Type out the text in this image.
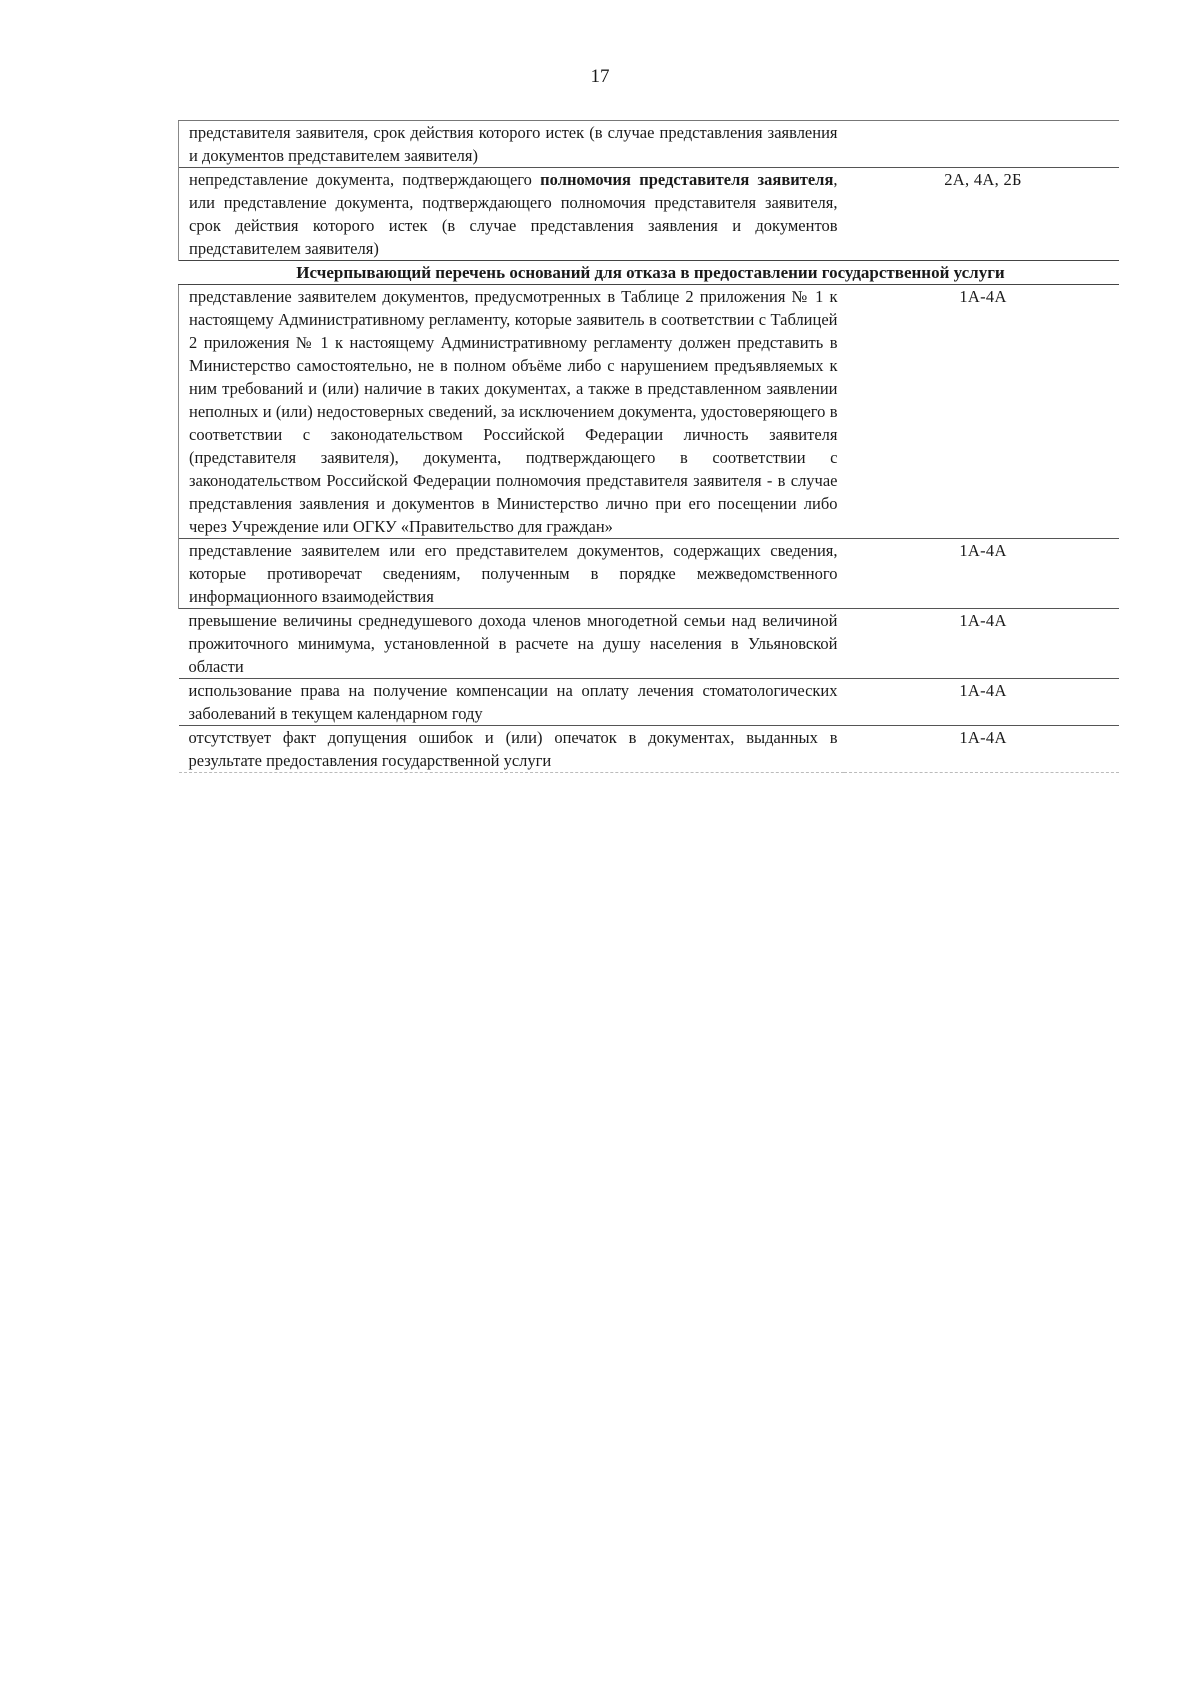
17
представителя заявителя, срок действия которого истек (в случае представления заявления и документов представителем заявителя)	
непредставление документа, подтверждающего полномочия представителя заявителя, или представление документа, подтверждающего полномочия представителя заявителя, срок действия которого истек (в случае представления заявления и документов представителем заявителя)	2А, 4А, 2Б
Исчерпывающий перечень оснований для отказа в предоставлении государственной услуги	
представление заявителем документов, предусмотренных в Таблице 2 приложения № 1 к настоящему Административному регламенту, которые заявитель в соответствии с Таблицей 2 приложения № 1 к настоящему Административному регламенту должен представить в Министерство самостоятельно, не в полном объёме либо с нарушением предъявляемых к ним требований и (или) наличие в таких документах, а также в представленном заявлении неполных и (или) недостоверных сведений, за исключением документа, удостоверяющего в соответствии с законодательством Российской Федерации личность заявителя (представителя заявителя), документа, подтверждающего в соответствии с законодательством Российской Федерации полномочия представителя заявителя - в случае представления заявления и документов в Министерство лично при его посещении либо через Учреждение или ОГКУ «Правительство для граждан»	1А-4А
представление заявителем или его представителем документов, содержащих сведения, которые противоречат сведениям, полученным в порядке межведомственного информационного взаимодействия	1А-4А
превышение величины среднедушевого дохода членов многодетной семьи над величиной прожиточного минимума, установленной в расчете на душу населения в Ульяновской области	1А-4А
использование права на получение компенсации на оплату лечения стоматологических заболеваний в текущем календарном году	1А-4А
отсутствует факт допущения ошибок и (или) опечаток в документах, выданных в результате предоставления государственной услуги	1А-4А
